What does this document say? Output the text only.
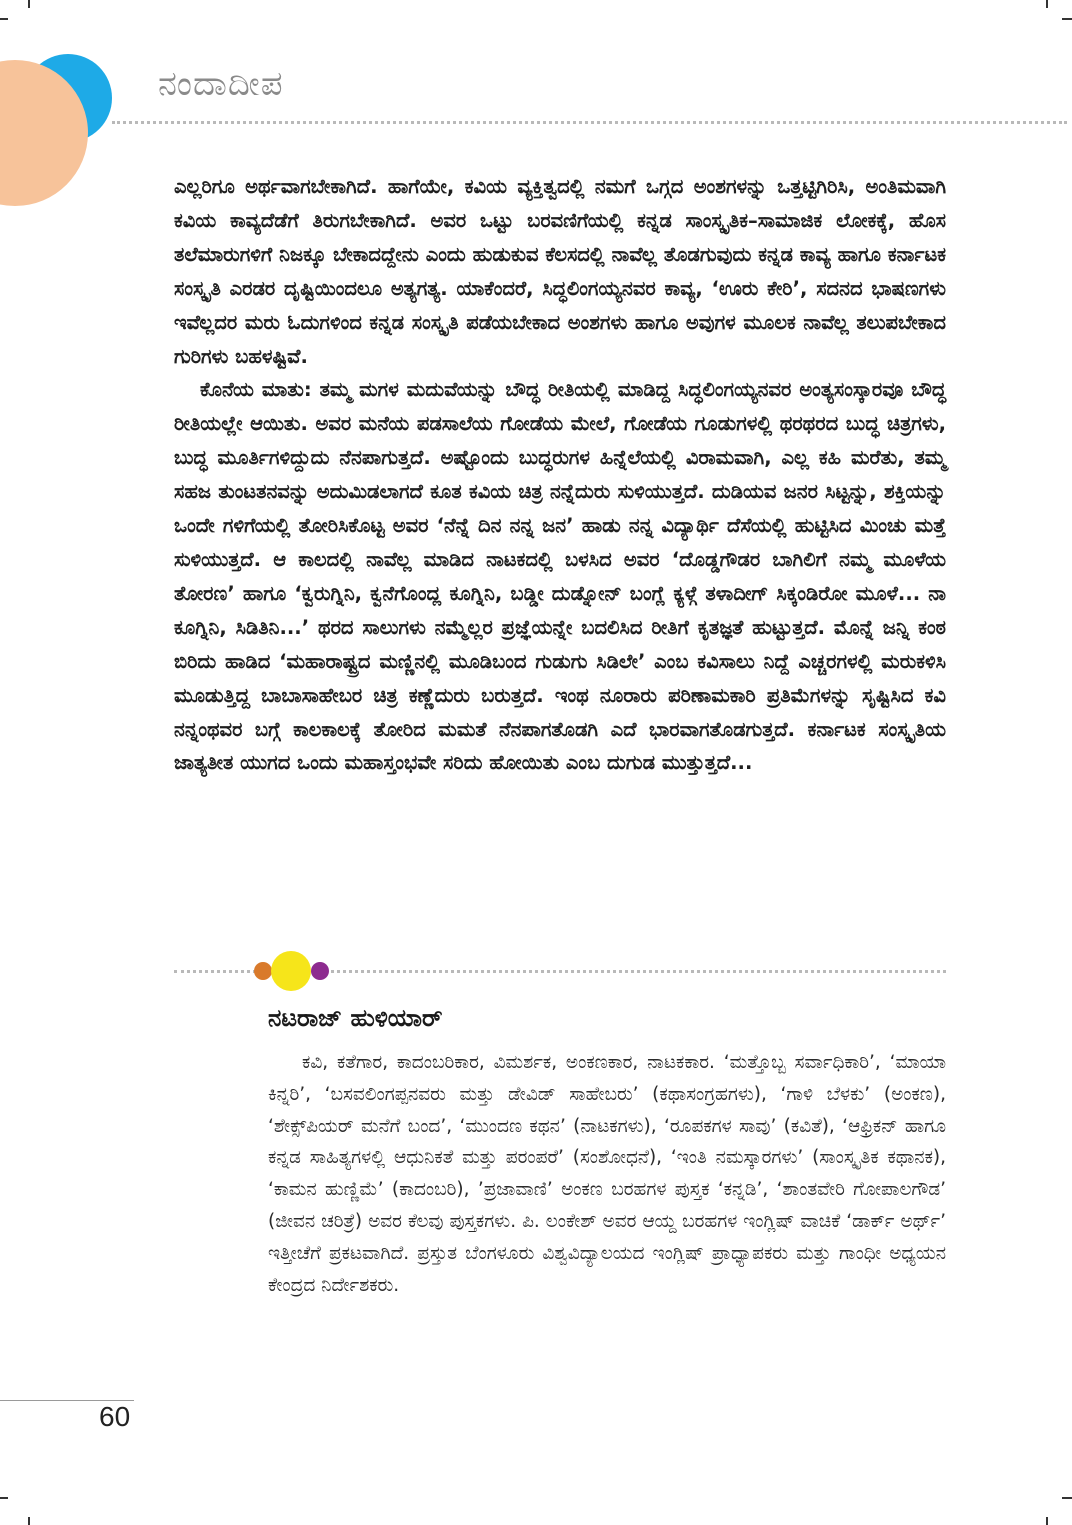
ನಂದಾದೀಪ

ಎಲ್ಲರಿಗೂ ಅರ್ಥವಾಗಬೇಕಾಗಿದೆ. ಹಾಗೆಯೇ, ಕವಿಯ ವ್ಯಕ್ತಿತ್ವದಲ್ಲಿ ನಮಗೆ ಒಗ್ಗದ ಅಂಶಗಳನ್ನು ಒತ್ತಟ್ಟಿಗಿರಿಸಿ, ಅಂತಿಮವಾಗಿ ಕವಿಯ ಕಾವ್ಯದೆಡೆಗೆ ತಿರುಗಬೇಕಾಗಿದೆ. ಅವರ ಒಟ್ಟು ಬರವಣಿಗೆಯಲ್ಲಿ ಕನ್ನಡ ಸಾಂಸ್ಕೃತಿಕ–ಸಾಮಾಜಿಕ ಲೋಕಕ್ಕೆ, ಹೊಸ ತಲೆಮಾರುಗಳಿಗೆ ನಿಜಕ್ಕೂ ಬೇಕಾದದ್ದೇನು ಎಂದು ಹುಡುಕುವ ಕೆಲಸದಲ್ಲಿ ನಾವೆಲ್ಲ ತೊಡಗುವುದು ಕನ್ನಡ ಕಾವ್ಯ ಹಾಗೂ ಕರ್ನಾಟಕ ಸಂಸ್ಕೃತಿ ಎರಡರ ದೃಷ್ಟಿಯಿಂದಲೂ ಅತ್ಯಗತ್ಯ. ಯಾಕೆಂದರೆ, ಸಿದ್ಧಲಿಂಗಯ್ಯನವರ ಕಾವ್ಯ, ‘ಊರು ಕೇರಿ’, ಸದನದ ಭಾಷಣಗಳು ಇವೆಲ್ಲದರ ಮರು ಓದುಗಳಿಂದ ಕನ್ನಡ ಸಂಸ್ಕೃತಿ ಪಡೆಯಬೇಕಾದ ಅಂಶಗಳು ಹಾಗೂ ಅವುಗಳ ಮೂಲಕ ನಾವೆಲ್ಲ ತಲುಪಬೇಕಾದ ಗುರಿಗಳು ಬಹಳಷ್ಟಿವೆ.

ಕೊನೆಯ ಮಾತು: ತಮ್ಮ ಮಗಳ ಮದುವೆಯನ್ನು ಬೌದ್ಧ ರೀತಿಯಲ್ಲಿ ಮಾಡಿದ್ದ ಸಿದ್ಧಲಿಂಗಯ್ಯನವರ ಅಂತ್ಯಸಂಸ್ಕಾರವೂ ಬೌದ್ಧ ರೀತಿಯಲ್ಲೇ ಆಯಿತು. ಅವರ ಮನೆಯ ಪಡಸಾಲೆಯ ಗೋಡೆಯ ಮೇಲೆ, ಗೋಡೆಯ ಗೂಡುಗಳಲ್ಲಿ ಥರಥರದ ಬುದ್ಧ ಚಿತ್ರಗಳು, ಬುದ್ಧ ಮೂರ್ತಿಗಳಿದ್ದುದು ನೆನಪಾಗುತ್ತದೆ. ಅಷ್ಟೊಂದು ಬುದ್ಧರುಗಳ ಹಿನ್ನೆಲೆಯಲ್ಲಿ ವಿರಾಮವಾಗಿ, ಎಲ್ಲ ಕಹಿ ಮರೆತು, ತಮ್ಮ ಸಹಜ ತುಂಟತನವನ್ನು ಅದುಮಿಡಲಾಗದೆ ಕೂತ ಕವಿಯ ಚಿತ್ರ ನನ್ನೆದುರು ಸುಳಿಯುತ್ತದೆ. ದುಡಿಯವ ಜನರ ಸಿಟ್ಟನ್ನು, ಶಕ್ತಿಯನ್ನು ಒಂದೇ ಗಳಿಗೆಯಲ್ಲಿ ತೋರಿಸಿಕೊಟ್ಟ ಅವರ ‘ನೆನ್ನೆ ದಿನ ನನ್ನ ಜನ’ ಹಾಡು ನನ್ನ ವಿದ್ಯಾರ್ಥಿ ದೆಸೆಯಲ್ಲಿ ಹುಟ್ಟಿಸಿದ ಮಿಂಚು ಮತ್ತೆ ಸುಳಿಯುತ್ತದೆ. ಆ ಕಾಲದಲ್ಲಿ ನಾವೆಲ್ಲ ಮಾಡಿದ ನಾಟಕದಲ್ಲಿ ಬಳಸಿದ ಅವರ ‘ದೊಡ್ಡಗೌಡರ ಬಾಗಿಲಿಗೆ ನಮ್ಮ ಮೂಳೆಯ ತೋರಣ’ ಹಾಗೂ ‘ಕ್ವರುಗ್ನಿನಿ, ಕ್ವನೆಗೊಂದ್ಲ ಕೂಗ್ನಿನಿ, ಬಡ್ಡೀ ದುಡ್ನೋನ್ ಬಂಗ್ಲೆ ಕ್ಯಳ್ಗೆ ತಳಾದೀಗ್ ಸಿಕ್ಕಂಡಿರೋ ಮೂಳೆ... ನಾ ಕೂಗ್ನಿನಿ, ಸಿಡಿತಿನಿ...’ ಥರದ ಸಾಲುಗಳು ನಮ್ಮೆಲ್ಲರ ಪ್ರಜ್ಞೆಯನ್ನೇ ಬದಲಿಸಿದ ರೀತಿಗೆ ಕೃತಜ್ಞತೆ ಹುಟ್ಟುತ್ತದೆ. ಮೊನ್ನೆ ಜನ್ನಿ ಕಂಠ ಬಿರಿದು ಹಾಡಿದ ‘ಮಹಾರಾಷ್ಟ್ರದ ಮಣ್ಣಿನಲ್ಲಿ ಮೂಡಿಬಂದ ಗುಡುಗು ಸಿಡಿಲೇ’ ಎಂಬ ಕವಿಸಾಲು ನಿದ್ದೆ ಎಚ್ಚರಗಳಲ್ಲಿ ಮರುಕಳಿಸಿ ಮೂಡುತ್ತಿದ್ದ ಬಾಬಾಸಾಹೇಬರ ಚಿತ್ರ ಕಣ್ಣೆದುರು ಬರುತ್ತದೆ. ಇಂಥ ನೂರಾರು ಪರಿಣಾಮಕಾರಿ ಪ್ರತಿಮೆಗಳನ್ನು ಸೃಷ್ಟಿಸಿದ ಕವಿ ನನ್ನಂಥವರ ಬಗ್ಗೆ ಕಾಲಕಾಲಕ್ಕೆ ತೋರಿದ ಮಮತೆ ನೆನಪಾಗತೊಡಗಿ ಎದೆ ಭಾರವಾಗತೊಡಗುತ್ತದೆ. ಕರ್ನಾಟಕ ಸಂಸ್ಕೃತಿಯ ಜಾತ್ಯತೀತ ಯುಗದ ಒಂದು ಮಹಾಸ್ತಂಭವೇ ಸರಿದು ಹೋಯಿತು ಎಂಬ ದುಗುಡ ಮುತ್ತುತ್ತದೆ...

ನಟರಾಜ್ ಹುಳಿಯಾರ್

ಕವಿ, ಕತೆಗಾರ, ಕಾದಂಬರಿಕಾರ, ವಿಮರ್ಶಕ, ಅಂಕಣಕಾರ, ನಾಟಕಕಾರ. ‘ಮತ್ತೊಬ್ಬ ಸರ್ವಾಧಿಕಾರಿ’, ‘ಮಾಯಾ ಕಿನ್ನರಿ’, ‘ಬಸವಲಿಂಗಪ್ಪನವರು ಮತ್ತು ಡೇವಿಡ್ ಸಾಹೇಬರು’ (ಕಥಾಸಂಗ್ರಹಗಳು), ‘ಗಾಳಿ ಬೆಳಕು’ (ಅಂಕಣ), ‘ಶೇಕ್ಸ್‌ಪಿಯರ್ ಮನೆಗೆ ಬಂದ’, ‘ಮುಂದಣ ಕಥನ’ (ನಾಟಕಗಳು), ‘ರೂಪಕಗಳ ಸಾವು’ (ಕವಿತೆ), ‘ಆಫ್ರಿಕನ್ ಹಾಗೂ ಕನ್ನಡ ಸಾಹಿತ್ಯಗಳಲ್ಲಿ ಆಧುನಿಕತೆ ಮತ್ತು ಪರಂಪರೆ’ (ಸಂಶೋಧನೆ), ‘ಇಂತಿ ನಮಸ್ಕಾರಗಳು’ (ಸಾಂಸ್ಕೃತಿಕ ಕಥಾನಕ), ‘ಕಾಮನ ಹುಣ್ಣಿಮೆ’ (ಕಾದಂಬರಿ), ’ಪ್ರಜಾವಾಣಿ’ ಅಂಕಣ ಬರಹಗಳ ಪುಸ್ತಕ ‘ಕನ್ನಡಿ’, ‘ಶಾಂತವೇರಿ ಗೋಪಾಲಗೌಡ’ (ಜೀವನ ಚರಿತ್ರೆ) ಅವರ ಕೆಲವು ಪುಸ್ತಕಗಳು. ಪಿ. ಲಂಕೇಶ್ ಅವರ ಆಯ್ದ ಬರಹಗಳ ಇಂಗ್ಲಿಷ್ ವಾಚಿಕೆ ‘ಡಾರ್ಕ್ ಅರ್ಥ್’ ಇತ್ತೀಚೆಗೆ ಪ್ರಕಟವಾಗಿದೆ. ಪ್ರಸ್ತುತ ಬೆಂಗಳೂರು ವಿಶ್ವವಿದ್ಯಾಲಯದ ಇಂಗ್ಲಿಷ್ ಪ್ರಾಧ್ಯಾಪಕರು ಮತ್ತು ಗಾಂಧೀ ಅಧ್ಯಯನ ಕೇಂದ್ರದ ನಿರ್ದೇಶಕರು.

60
